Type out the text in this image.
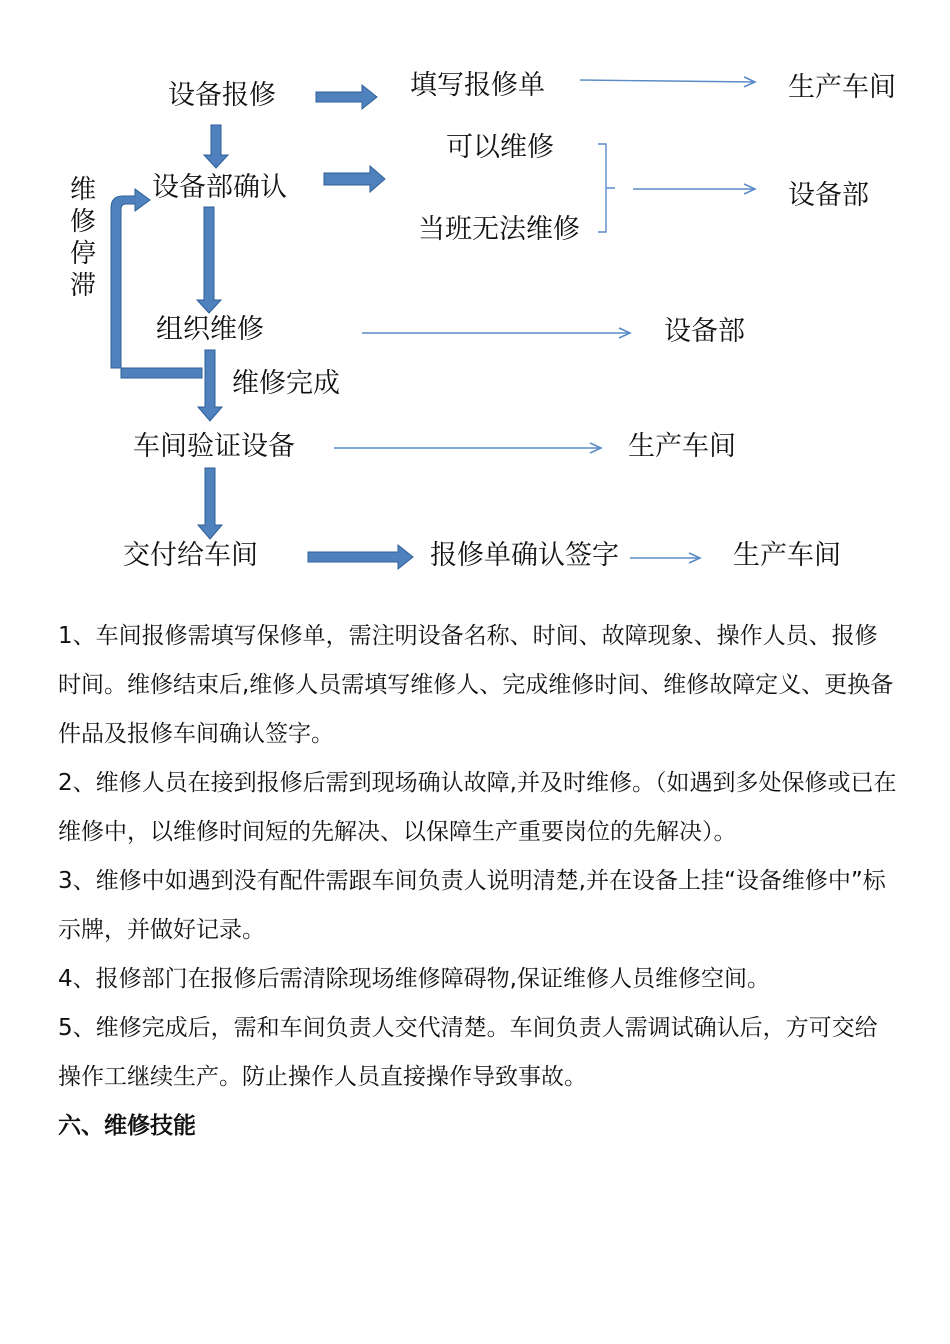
设备报修	填写报修单	生产车间
可以维修
当班无法维修
设备部确认	设备部
维
修
停
滞
组织维修	设备部
维修完成
车间验证设备	生产车间
交付给车间	报修单确认签字	生产车间

1、车间报修需填写保修单，需注明设备名称、时间、故障现象、操作人员、报修时间。维修结束后,维修人员需填写维修人、完成维修时间、维修故障定义、更换备件品及报修车间确认签字。

2、维修人员在接到报修后需到现场确认故障,并及时维修。（如遇到多处保修或已在维修中，以维修时间短的先解决、以保障生产重要岗位的先解决）。

3、维修中如遇到没有配件需跟车间负责人说明清楚,并在设备上挂“设备维修中”标示牌，并做好记录。

4、报修部门在报修后需清除现场维修障碍物,保证维修人员维修空间。

5、维修完成后，需和车间负责人交代清楚。车间负责人需调试确认后，方可交给操作工继续生产。防止操作人员直接操作导致事故。

六、维修技能
